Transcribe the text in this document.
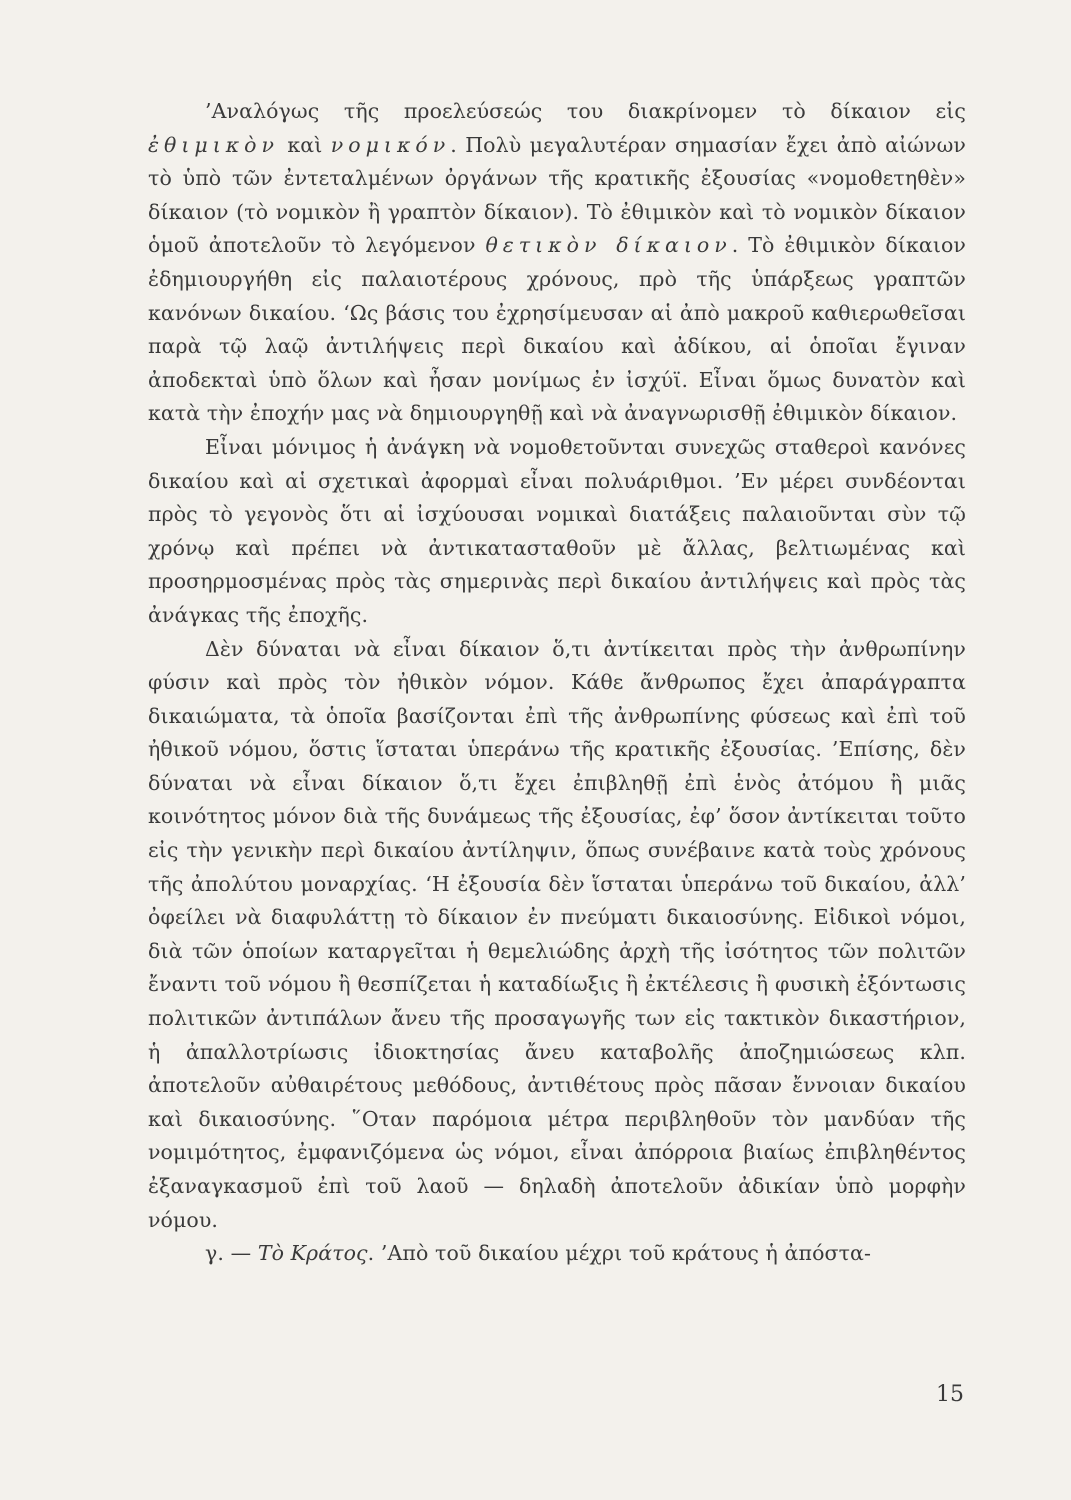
’Αναλόγως τῆς προελεύσεώς του διακρίνομεν τὸ δίκαιον εἰς ἐθιμικὸν καὶ νομικόν. Πολὺ μεγαλυτέραν σημασίαν ἔχει ἀπὸ αἰώνων τὸ ὑπὸ τῶν ἐντεταλμένων ὀργάνων τῆς κρατικῆς ἐξουσίας «νομοθετηθὲν» δίκαιον (τὸ νομικὸν ἢ γραπτὸν δίκαιον). Τὸ ἐθιμικὸν καὶ τὸ νομικὸν δίκαιον ὁμοῦ ἀποτελοῦν τὸ λεγόμενον θετικὸν δίκαιον. Τὸ ἐθιμικὸν δίκαιον ἐδημιουργήθη εἰς παλαιοτέρους χρόνους, πρὸ τῆς ὑπάρξεως γραπτῶν κανόνων δικαίου. ‘Ως βάσις του ἐχρησίμευσαν αἱ ἀπὸ μακροῦ καθιερωθεῖσαι παρὰ τῷ λαῷ ἀντιλήψεις περὶ δικαίου καὶ ἀδίκου, αἱ ὁποῖαι ἔγιναν ἀποδεκταὶ ὑπὸ ὅλων καὶ ἦσαν μονίμως ἐν ἰσχύϊ. Εἶναι ὅμως δυνατὸν καὶ κατὰ τὴν ἐποχήν μας νὰ δημιουργηθῇ καὶ νὰ ἀναγνωρισθῇ ἐθιμικὸν δίκαιον.

Εἶναι μόνιμος ἡ ἀνάγκη νὰ νομοθετοῦνται συνεχῶς σταθεροὶ κανόνες δικαίου καὶ αἱ σχετικαὶ ἀφορμαὶ εἶναι πολυάριθμοι. ’Εν μέρει συνδέονται πρὸς τὸ γεγονὸς ὅτι αἱ ἰσχύουσαι νομικαὶ διατάξεις παλαιοῦνται σὺν τῷ χρόνῳ καὶ πρέπει νὰ ἀντικατασταθοῦν μὲ ἄλλας, βελτιωμένας καὶ προσηρμοσμένας πρὸς τὰς σημερινὰς περὶ δικαίου ἀντιλήψεις καὶ πρὸς τὰς ἀνάγκας τῆς ἐποχῆς.

Δὲν δύναται νὰ εἶναι δίκαιον ὅ,τι ἀντίκειται πρὸς τὴν ἀνθρωπίνην φύσιν καὶ πρὸς τὸν ἠθικὸν νόμον. Κάθε ἄνθρωπος ἔχει ἀπαράγραπτα δικαιώματα, τὰ ὁποῖα βασίζονται ἐπὶ τῆς ἀνθρωπίνης φύσεως καὶ ἐπὶ τοῦ ἠθικοῦ νόμου, ὅστις ἵσταται ὑπεράνω τῆς κρατικῆς ἐξουσίας. ’Επίσης, δὲν δύναται νὰ εἶναι δίκαιον ὅ,τι ἔχει ἐπιβληθῇ ἐπὶ ἑνὸς ἀτόμου ἢ μιᾶς κοινότητος μόνον διὰ τῆς δυνάμεως τῆς ἐξουσίας, ἐφ’ ὅσον ἀντίκειται τοῦτο εἰς τὴν γενικὴν περὶ δικαίου ἀντίληψιν, ὅπως συνέβαινε κατὰ τοὺς χρόνους τῆς ἀπολύτου μοναρχίας. ‘Η ἐξουσία δὲν ἵσταται ὑπεράνω τοῦ δικαίου, ἀλλ’ ὀφείλει νὰ διαφυλάττῃ τὸ δίκαιον ἐν πνεύματι δικαιοσύνης. Εἰδικοὶ νόμοι, διὰ τῶν ὁποίων καταργεῖται ἡ θεμελιώδης ἀρχὴ τῆς ἰσότητος τῶν πολιτῶν ἔναντι τοῦ νόμου ἢ θεσπίζεται ἡ καταδίωξις ἢ ἐκτέλεσις ἢ φυσικὴ ἐξόντωσις πολιτικῶν ἀντιπάλων ἄνευ τῆς προσαγωγῆς των εἰς τακτικὸν δικαστήριον, ἡ ἀπαλλοτρίωσις ἰδιοκτησίας ἄνευ καταβολῆς ἀποζημιώσεως κλπ. ἀποτελοῦν αὐθαιρέτους μεθόδους, ἀντιθέτους πρὸς πᾶσαν ἔννοιαν δικαίου καὶ δικαιοσύνης. ῞Οταν παρόμοια μέτρα περιβληθοῦν τὸν μανδύαν τῆς νομιμότητος, ἐμφανιζόμενα ὡς νόμοι, εἶναι ἀπόρροια βιαίως ἐπιβληθέντος ἐξαναγκασμοῦ ἐπὶ τοῦ λαοῦ — δηλαδὴ ἀποτελοῦν ἀδικίαν ὑπὸ μορφὴν νόμου.

γ. — Τὸ Κράτος. ’Απὸ τοῦ δικαίου μέχρι τοῦ κράτους ἡ ἀπόστα-

15
